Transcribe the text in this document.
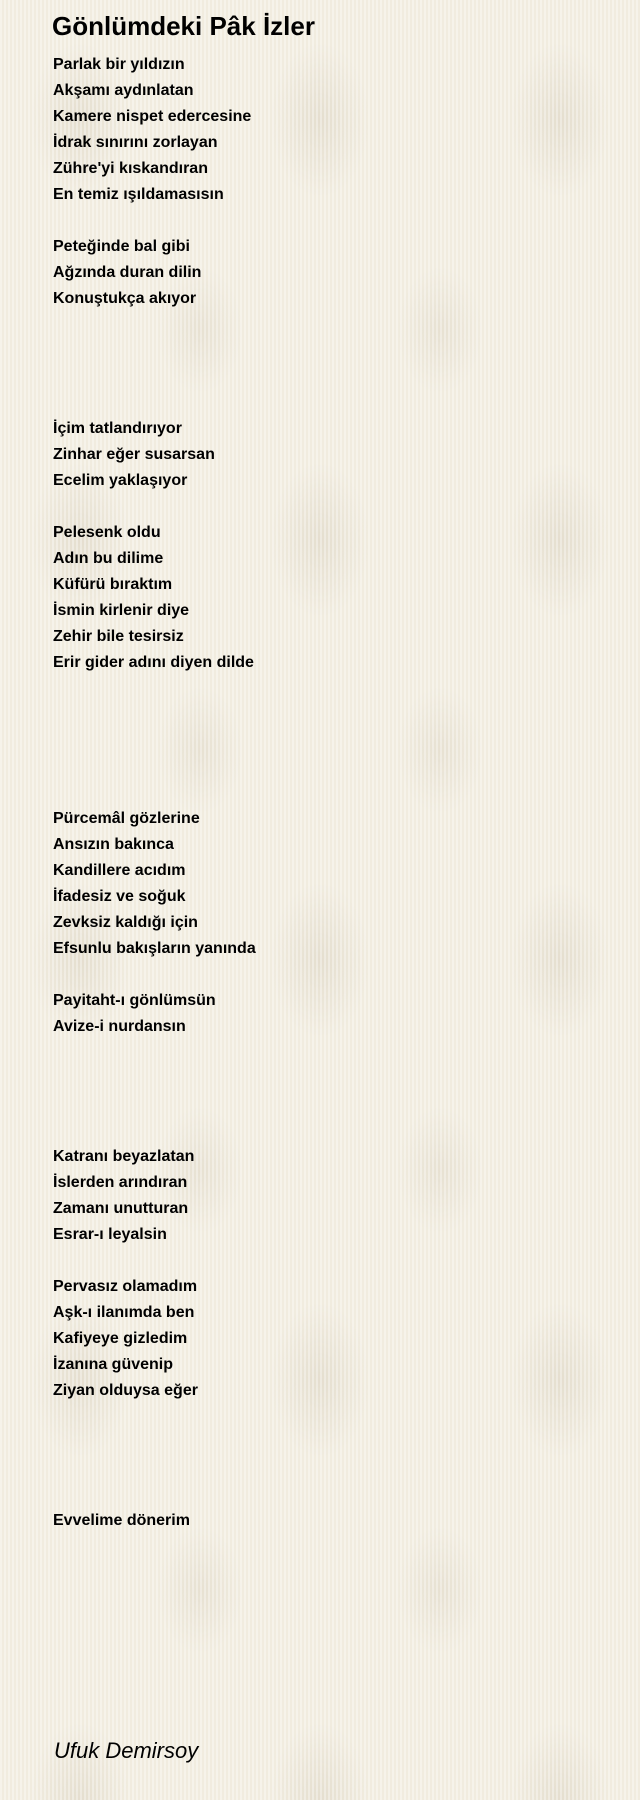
Gönlümdeki Pâk İzler
Parlak bir yıldızın
Akşamı aydınlatan
Kamere nispet edercesine
İdrak sınırını zorlayan
Zühre'yi kıskandıran
En temiz ışıldamasısın
Peteğinde bal gibi
Ağzında duran dilin
Konuştukça akıyor
İçim tatlandırıyor
Zinhar eğer susarsan
Ecelim yaklaşıyor
Pelesenk oldu
Adın bu dilime
Küfürü bıraktım
İsmin kirlenir diye
Zehir bile tesirsiz
Erir gider adını diyen dilde
Pürcemâl gözlerine
Ansızın bakınca
Kandillere acıdım
İfadesiz ve soğuk
Zevksiz kaldığı için
Efsunlu bakışların yanında
Payitaht-ı gönlümsün
Avize-i nurdansın
Katranı beyazlatan
İslerden arındıran
Zamanı unutturan
Esrar-ı leyalsin
Pervasız olamadım
Aşk-ı ilanımda ben
Kafiyeye gizledim
İzanına güvenip
Ziyan olduysa eğer
Evvelime dönerim
Ufuk Demirsoy
